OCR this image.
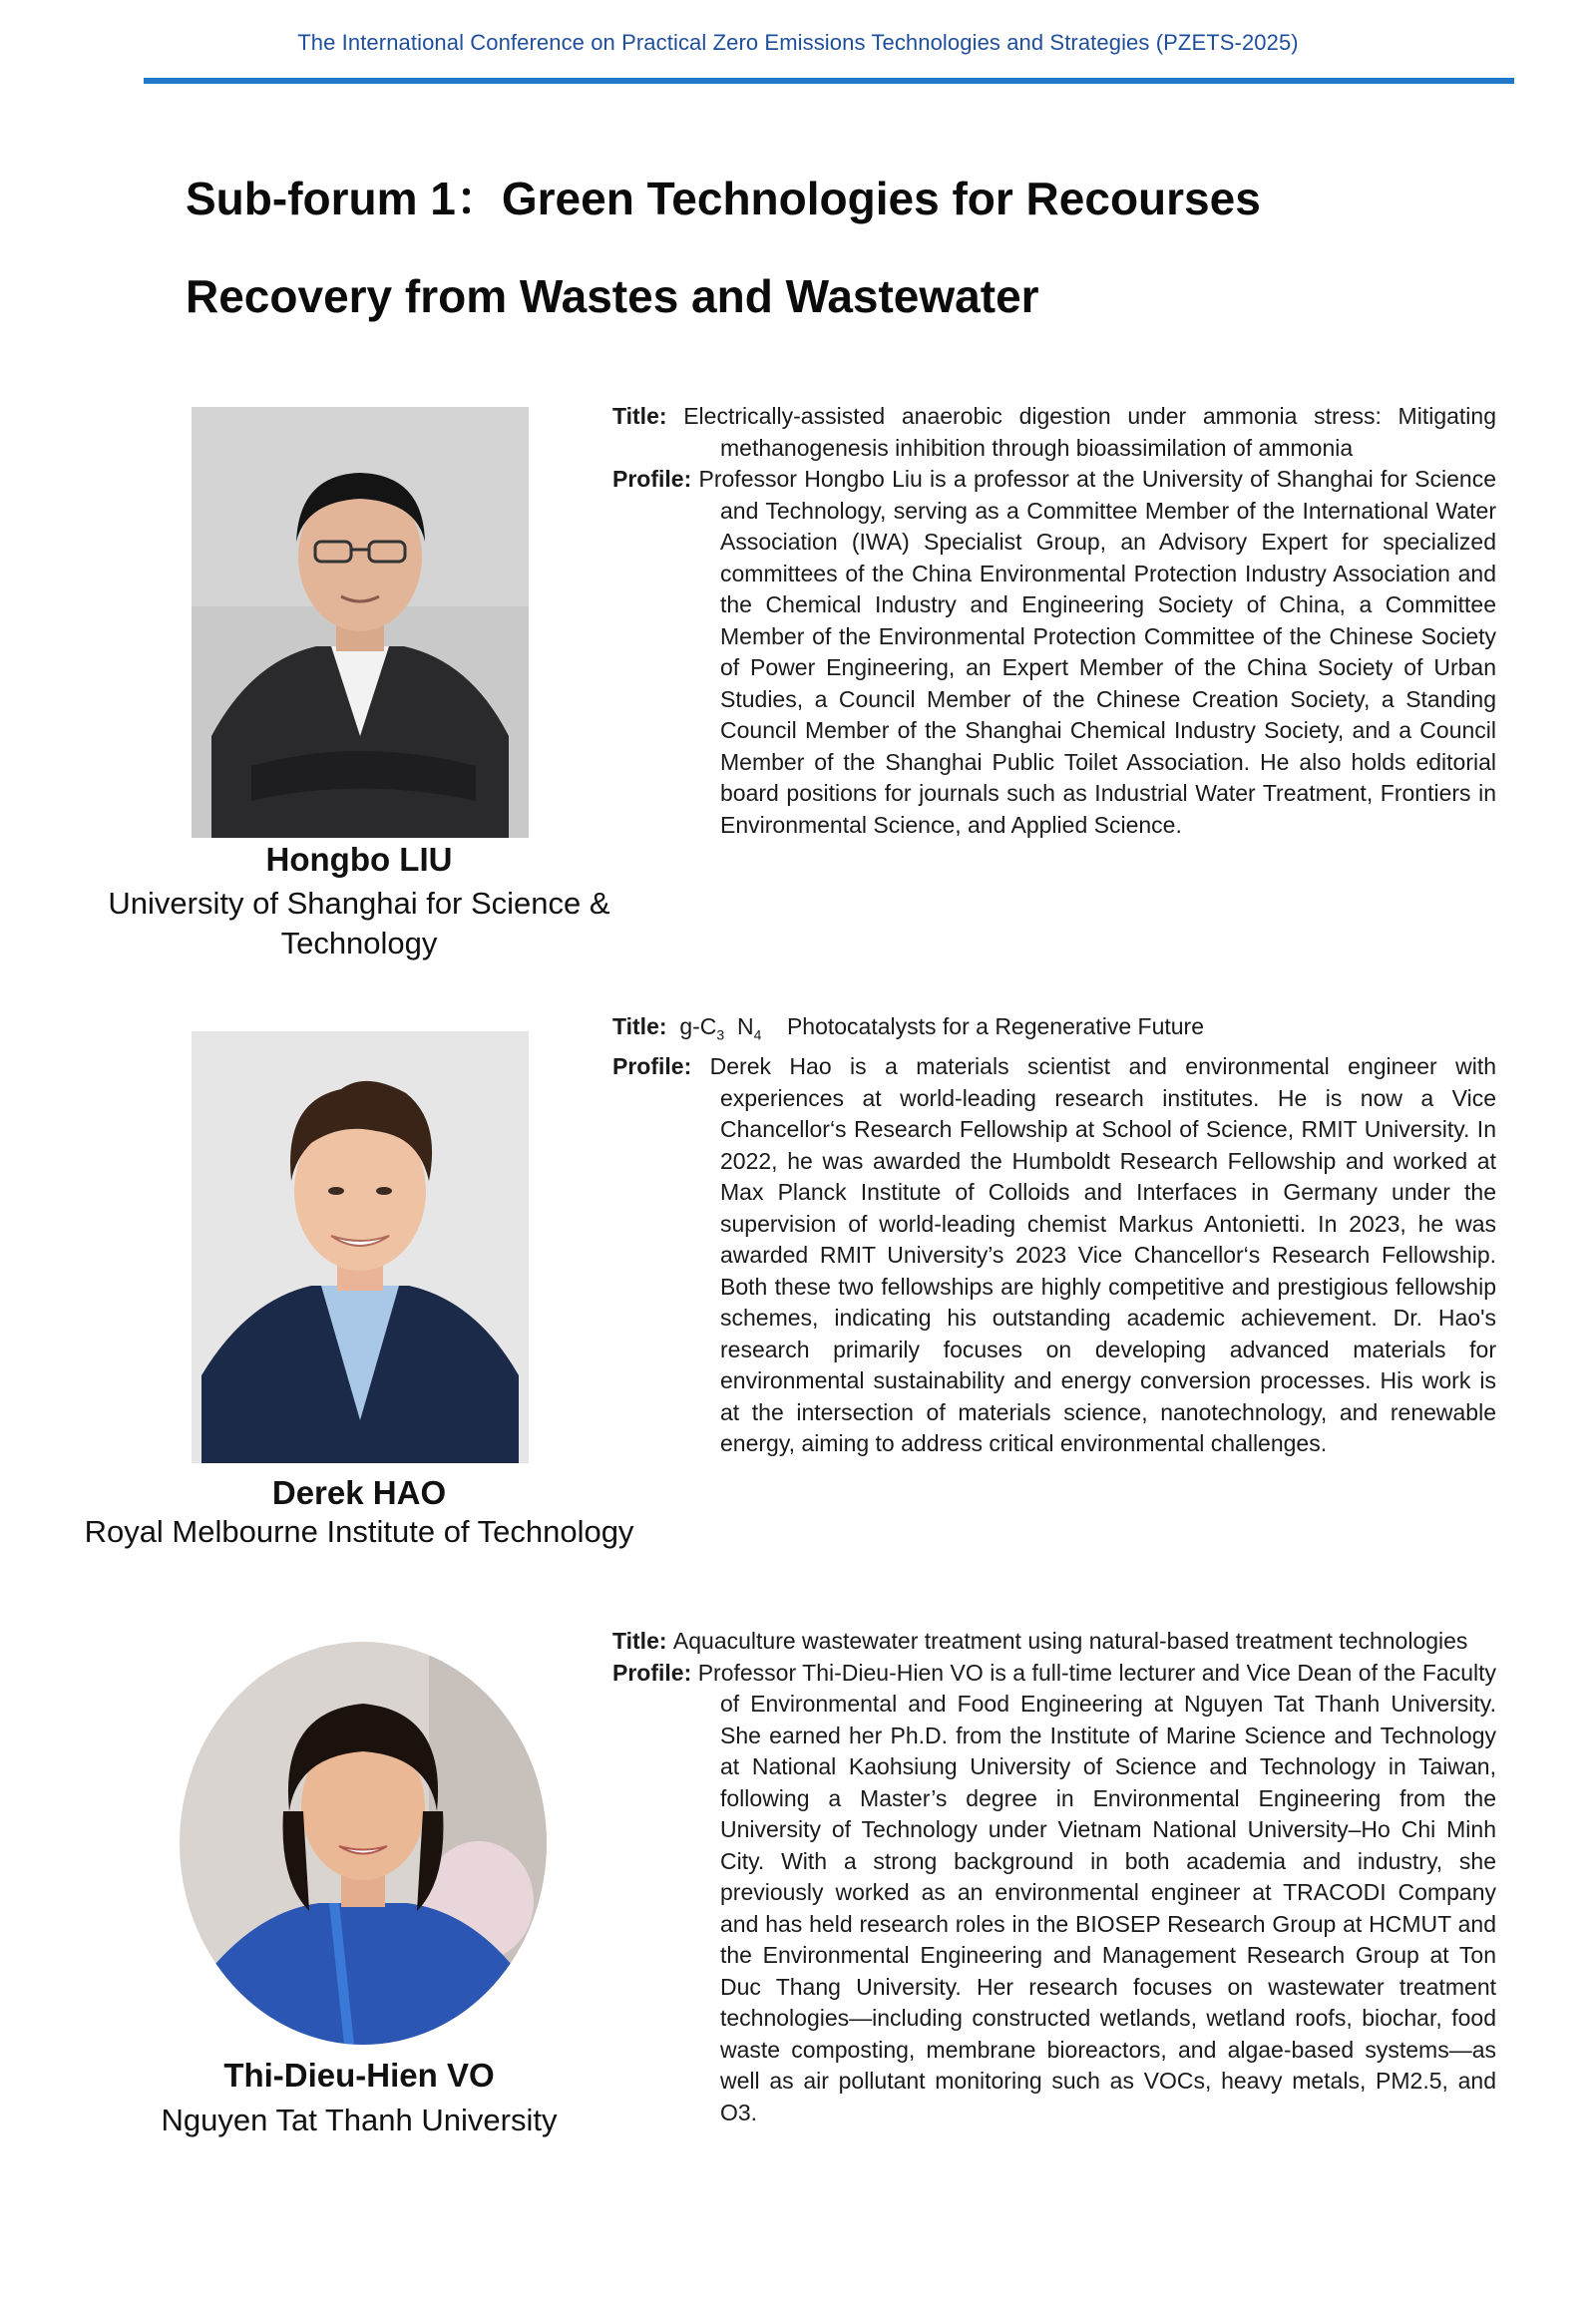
The International Conference on Practical Zero Emissions Technologies and Strategies (PZETS-2025)
Sub-forum 1：Green Technologies for Recourses
Recovery from Wastes and Wastewater
Hongbo LIU
University of Shanghai for Science &
Technology
Title: Electrically-assisted anaerobic digestion under ammonia stress: Mitigating methanogenesis inhibition through bioassimilation of ammonia
Profile: Professor Hongbo Liu is a professor at the University of Shanghai for Science and Technology, serving as a Committee Member of the International Water Association (IWA) Specialist Group, an Advisory Expert for specialized committees of the China Environmental Protection Industry Association and the Chemical Industry and Engineering Society of China, a Committee Member of the Environmental Protection Committee of the Chinese Society of Power Engineering, an Expert Member of the China Society of Urban Studies, a Council Member of the Chinese Creation Society, a Standing Council Member of the Shanghai Chemical Industry Society, and a Council Member of the Shanghai Public Toilet Association. He also holds editorial board positions for journals such as Industrial Water Treatment, Frontiers in Environmental Science, and Applied Science.
Derek HAO
Royal Melbourne Institute of Technology
Title:  $g-C_3$ $N_4$ Photocatalysts for a Regenerative Future
Profile: Derek Hao is a materials scientist and environmental engineer with experiences at world-leading research institutes. He is now a Vice Chancellor‘s Research Fellowship at School of Science, RMIT University. In 2022, he was awarded the Humboldt Research Fellowship and worked at Max Planck Institute of Colloids and Interfaces in Germany under the supervision of world-leading chemist Markus Antonietti. In 2023, he was awarded RMIT University’s 2023 Vice Chancellor‘s Research Fellowship. Both these two fellowships are highly competitive and prestigious fellowship schemes, indicating his outstanding academic achievement. Dr. Hao's research primarily focuses on developing advanced materials for environmental sustainability and energy conversion processes. His work is at the intersection of materials science, nanotechnology, and renewable energy, aiming to address critical environmental challenges.
Thi-Dieu-Hien VO
Nguyen Tat Thanh University
Title: Aquaculture wastewater treatment using natural-based treatment technologies
Profile: Professor Thi-Dieu-Hien VO is a full-time lecturer and Vice Dean of the Faculty of Environmental and Food Engineering at Nguyen Tat Thanh University. She earned her Ph.D. from the Institute of Marine Science and Technology at National Kaohsiung University of Science and Technology in Taiwan, following a Master’s degree in Environmental Engineering from the University of Technology under Vietnam National University–Ho Chi Minh City. With a strong background in both academia and industry, she previously worked as an environmental engineer at TRACODI Company and has held research roles in the BIOSEP Research Group at HCMUT and the Environmental Engineering and Management Research Group at Ton Duc Thang University. Her research focuses on wastewater treatment technologies—including constructed wetlands, wetland roofs, biochar, food waste composting, membrane bioreactors, and algae-based systems—as well as air pollutant monitoring such as VOCs, heavy metals, PM2.5, and O3.
